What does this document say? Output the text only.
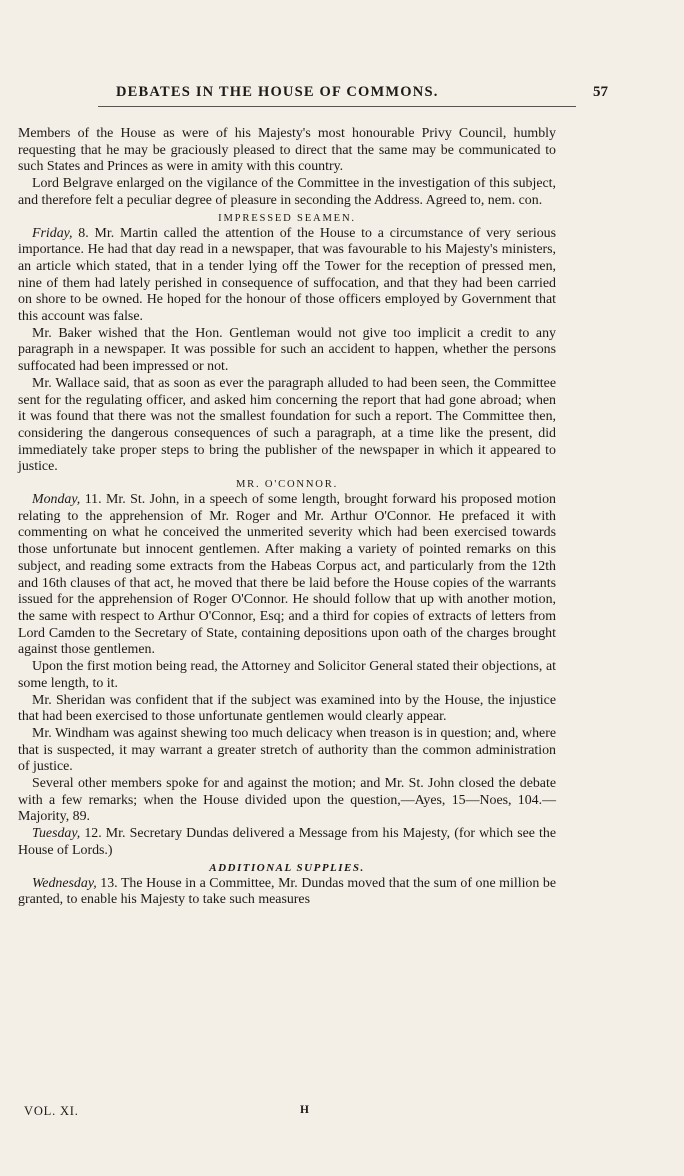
DEBATES IN THE HOUSE OF COMMONS.	57

Members of the House as were of his Majesty's most honourable Privy Council, humbly requesting that he may be graciously pleased to direct that the same may be communicated to such States and Princes as were in amity with this country.

Lord Belgrave enlarged on the vigilance of the Committee in the investigation of this subject, and therefore felt a peculiar degree of pleasure in seconding the Address. Agreed to, nem. con.

IMPRESSED SEAMEN.

Friday, 8. Mr. Martin called the attention of the House to a circumstance of very serious importance. He had that day read in a newspaper, that was favourable to his Majesty's ministers, an article which stated, that in a tender lying off the Tower for the reception of pressed men, nine of them had lately perished in consequence of suffocation, and that they had been carried on shore to be owned. He hoped for the honour of those officers employed by Government that this account was false.

Mr. Baker wished that the Hon. Gentleman would not give too implicit a credit to any paragraph in a newspaper. It was possible for such an accident to happen, whether the persons suffocated had been impressed or not.

Mr. Wallace said, that as soon as ever the paragraph alluded to had been seen, the Committee sent for the regulating officer, and asked him concerning the report that had gone abroad; when it was found that there was not the smallest foundation for such a report. The Committee then, considering the dangerous consequences of such a paragraph, at a time like the present, did immediately take proper steps to bring the publisher of the newspaper in which it appeared to justice.

MR. O'CONNOR.

Monday, 11. Mr. St. John, in a speech of some length, brought forward his proposed motion relating to the apprehension of Mr. Roger and Mr. Arthur O'Connor. He prefaced it with commenting on what he conceived the unmerited severity which had been exercised towards those unfortunate but innocent gentlemen. After making a variety of pointed remarks on this subject, and reading some extracts from the Habeas Corpus act, and particularly from the 12th and 16th clauses of that act, he moved that there be laid before the House copies of the warrants issued for the apprehension of Roger O'Connor. He should follow that up with another motion, the same with respect to Arthur O'Connor, Esq; and a third for copies of extracts of letters from Lord Camden to the Secretary of State, containing depositions upon oath of the charges brought against those gentlemen.

Upon the first motion being read, the Attorney and Solicitor General stated their objections, at some length, to it.

Mr. Sheridan was confident that if the subject was examined into by the House, the injustice that had been exercised to those unfortunate gentlemen would clearly appear.

Mr. Windham was against shewing too much delicacy when treason is in question; and, where that is suspected, it may warrant a greater stretch of authority than the common administration of justice.

Several other members spoke for and against the motion; and Mr. St. John closed the debate with a few remarks; when the House divided upon the question,—Ayes, 15—Noes, 104.—Majority, 89.

Tuesday, 12. Mr. Secretary Dundas delivered a Message from his Majesty, (for which see the House of Lords.)

ADDITIONAL SUPPLIES.

Wednesday, 13. The House in a Committee, Mr. Dundas moved that the sum of one million be granted, to enable his Majesty to take such measures

VOL. XI.	H
